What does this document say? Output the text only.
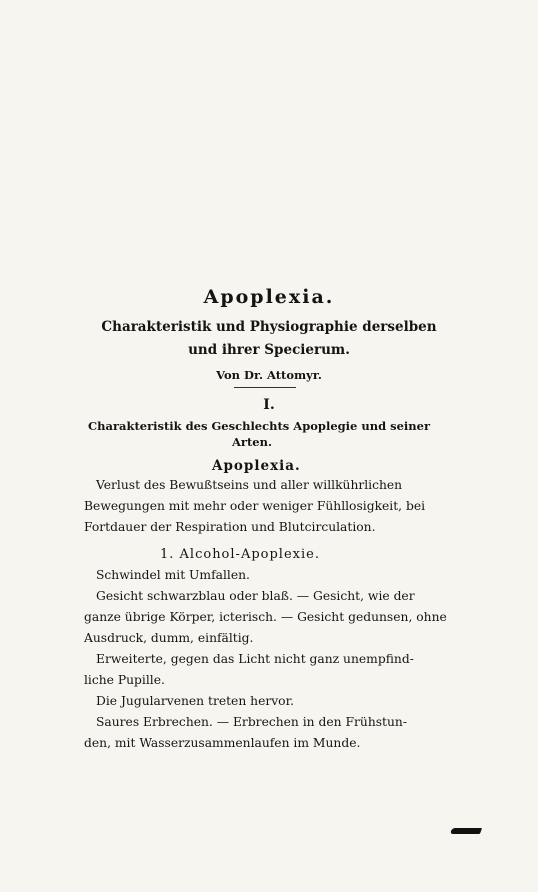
Apoplexia.
Charakteristik und Physiographie derselben
und ihrer Specierum.
Von Dr. Attomyr.
I.
Charakteristik des Geschlechts Apoplegie und seiner
Arten.
Apoplexia.
Verlust des Bewußtseins und aller willkührlichen
Bewegungen mit mehr oder weniger Fühllosigkeit, bei
Fortdauer der Respiration und Blutcirculation.
1. Alcohol-Apoplexie.
Schwindel mit Umfallen.
Gesicht schwarzblau oder blaß. — Gesicht, wie der
ganze übrige Körper, icterisch. — Gesicht gedunsen, ohne
Ausdruck, dumm, einfältig.
Erweiterte, gegen das Licht nicht ganz unempfind-
liche Pupille.
Die Jugularvenen treten hervor.
Saures Erbrechen. — Erbrechen in den Frühstun-
den, mit Wasserzusammenlaufen im Munde.
